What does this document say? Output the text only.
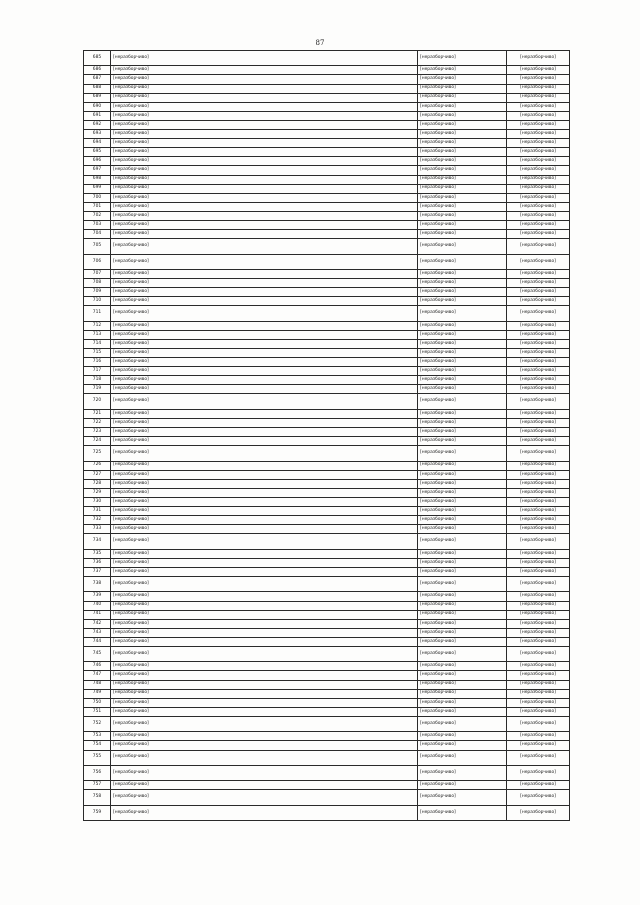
87
685	[неразборчиво]	[неразборчиво]	[неразборчиво]
686	[неразборчиво]	[неразборчиво]	[неразборчиво]
687	[неразборчиво]	[неразборчиво]	[неразборчиво]
688	[неразборчиво]	[неразборчиво]	[неразборчиво]
689	[неразборчиво]	[неразборчиво]	[неразборчиво]
690	[неразборчиво]	[неразборчиво]	[неразборчиво]
691	[неразборчиво]	[неразборчиво]	[неразборчиво]
692	[неразборчиво]	[неразборчиво]	[неразборчиво]
693	[неразборчиво]	[неразборчиво]	[неразборчиво]
694	[неразборчиво]	[неразборчиво]	[неразборчиво]
695	[неразборчиво]	[неразборчиво]	[неразборчиво]
696	[неразборчиво]	[неразборчиво]	[неразборчиво]
697	[неразборчиво]	[неразборчиво]	[неразборчиво]
698	[неразборчиво]	[неразборчиво]	[неразборчиво]
699	[неразборчиво]	[неразборчиво]	[неразборчиво]
700	[неразборчиво]	[неразборчиво]	[неразборчиво]
701	[неразборчиво]	[неразборчиво]	[неразборчиво]
702	[неразборчиво]	[неразборчиво]	[неразборчиво]
703	[неразборчиво]	[неразборчиво]	[неразборчиво]
704	[неразборчиво]	[неразборчиво]	[неразборчиво]
705	[неразборчиво]	[неразборчиво]	[неразборчиво]
706	[неразборчиво]	[неразборчиво]	[неразборчиво]
707	[неразборчиво]	[неразборчиво]	[неразборчиво]
708	[неразборчиво]	[неразборчиво]	[неразборчиво]
709	[неразборчиво]	[неразборчиво]	[неразборчиво]
710	[неразборчиво]	[неразборчиво]	[неразборчиво]
711	[неразборчиво]	[неразборчиво]	[неразборчиво]
712	[неразборчиво]	[неразборчиво]	[неразборчиво]
713	[неразборчиво]	[неразборчиво]	[неразборчиво]
714	[неразборчиво]	[неразборчиво]	[неразборчиво]
715	[неразборчиво]	[неразборчиво]	[неразборчиво]
716	[неразборчиво]	[неразборчиво]	[неразборчиво]
717	[неразборчиво]	[неразборчиво]	[неразборчиво]
718	[неразборчиво]	[неразборчиво]	[неразборчиво]
719	[неразборчиво]	[неразборчиво]	[неразборчиво]
720	[неразборчиво]	[неразборчиво]	[неразборчиво]
721	[неразборчиво]	[неразборчиво]	[неразборчиво]
722	[неразборчиво]	[неразборчиво]	[неразборчиво]
723	[неразборчиво]	[неразборчиво]	[неразборчиво]
724	[неразборчиво]	[неразборчиво]	[неразборчиво]
725	[неразборчиво]	[неразборчиво]	[неразборчиво]
726	[неразборчиво]	[неразборчиво]	[неразборчиво]
727	[неразборчиво]	[неразборчиво]	[неразборчиво]
728	[неразборчиво]	[неразборчиво]	[неразборчиво]
729	[неразборчиво]	[неразборчиво]	[неразборчиво]
730	[неразборчиво]	[неразборчиво]	[неразборчиво]
731	[неразборчиво]	[неразборчиво]	[неразборчиво]
732	[неразборчиво]	[неразборчиво]	[неразборчиво]
733	[неразборчиво]	[неразборчиво]	[неразборчиво]
734	[неразборчиво]	[неразборчиво]	[неразборчиво]
735	[неразборчиво]	[неразборчиво]	[неразборчиво]
736	[неразборчиво]	[неразборчиво]	[неразборчиво]
737	[неразборчиво]	[неразборчиво]	[неразборчиво]
738	[неразборчиво]	[неразборчиво]	[неразборчиво]
739	[неразборчиво]	[неразборчиво]	[неразборчиво]
740	[неразборчиво]	[неразборчиво]	[неразборчиво]
741	[неразборчиво]	[неразборчиво]	[неразборчиво]
742	[неразборчиво]	[неразборчиво]	[неразборчиво]
743	[неразборчиво]	[неразборчиво]	[неразборчиво]
744	[неразборчиво]	[неразборчиво]	[неразборчиво]
745	[неразборчиво]	[неразборчиво]	[неразборчиво]
746	[неразборчиво]	[неразборчиво]	[неразборчиво]
747	[неразборчиво]	[неразборчиво]	[неразборчиво]
748	[неразборчиво]	[неразборчиво]	[неразборчиво]
749	[неразборчиво]	[неразборчиво]	[неразборчиво]
750	[неразборчиво]	[неразборчиво]	[неразборчиво]
751	[неразборчиво]	[неразборчиво]	[неразборчиво]
752	[неразборчиво]	[неразборчиво]	[неразборчиво]
753	[неразборчиво]	[неразборчиво]	[неразборчиво]
754	[неразборчиво]	[неразборчиво]	[неразборчиво]
755	[неразборчиво]	[неразборчиво]	[неразборчиво]
756	[неразборчиво]	[неразборчиво]	[неразборчиво]
757	[неразборчиво]	[неразборчиво]	[неразборчиво]
758	[неразборчиво]	[неразборчиво]	[неразборчиво]
759	[неразборчиво]	[неразборчиво]	[неразборчиво]
